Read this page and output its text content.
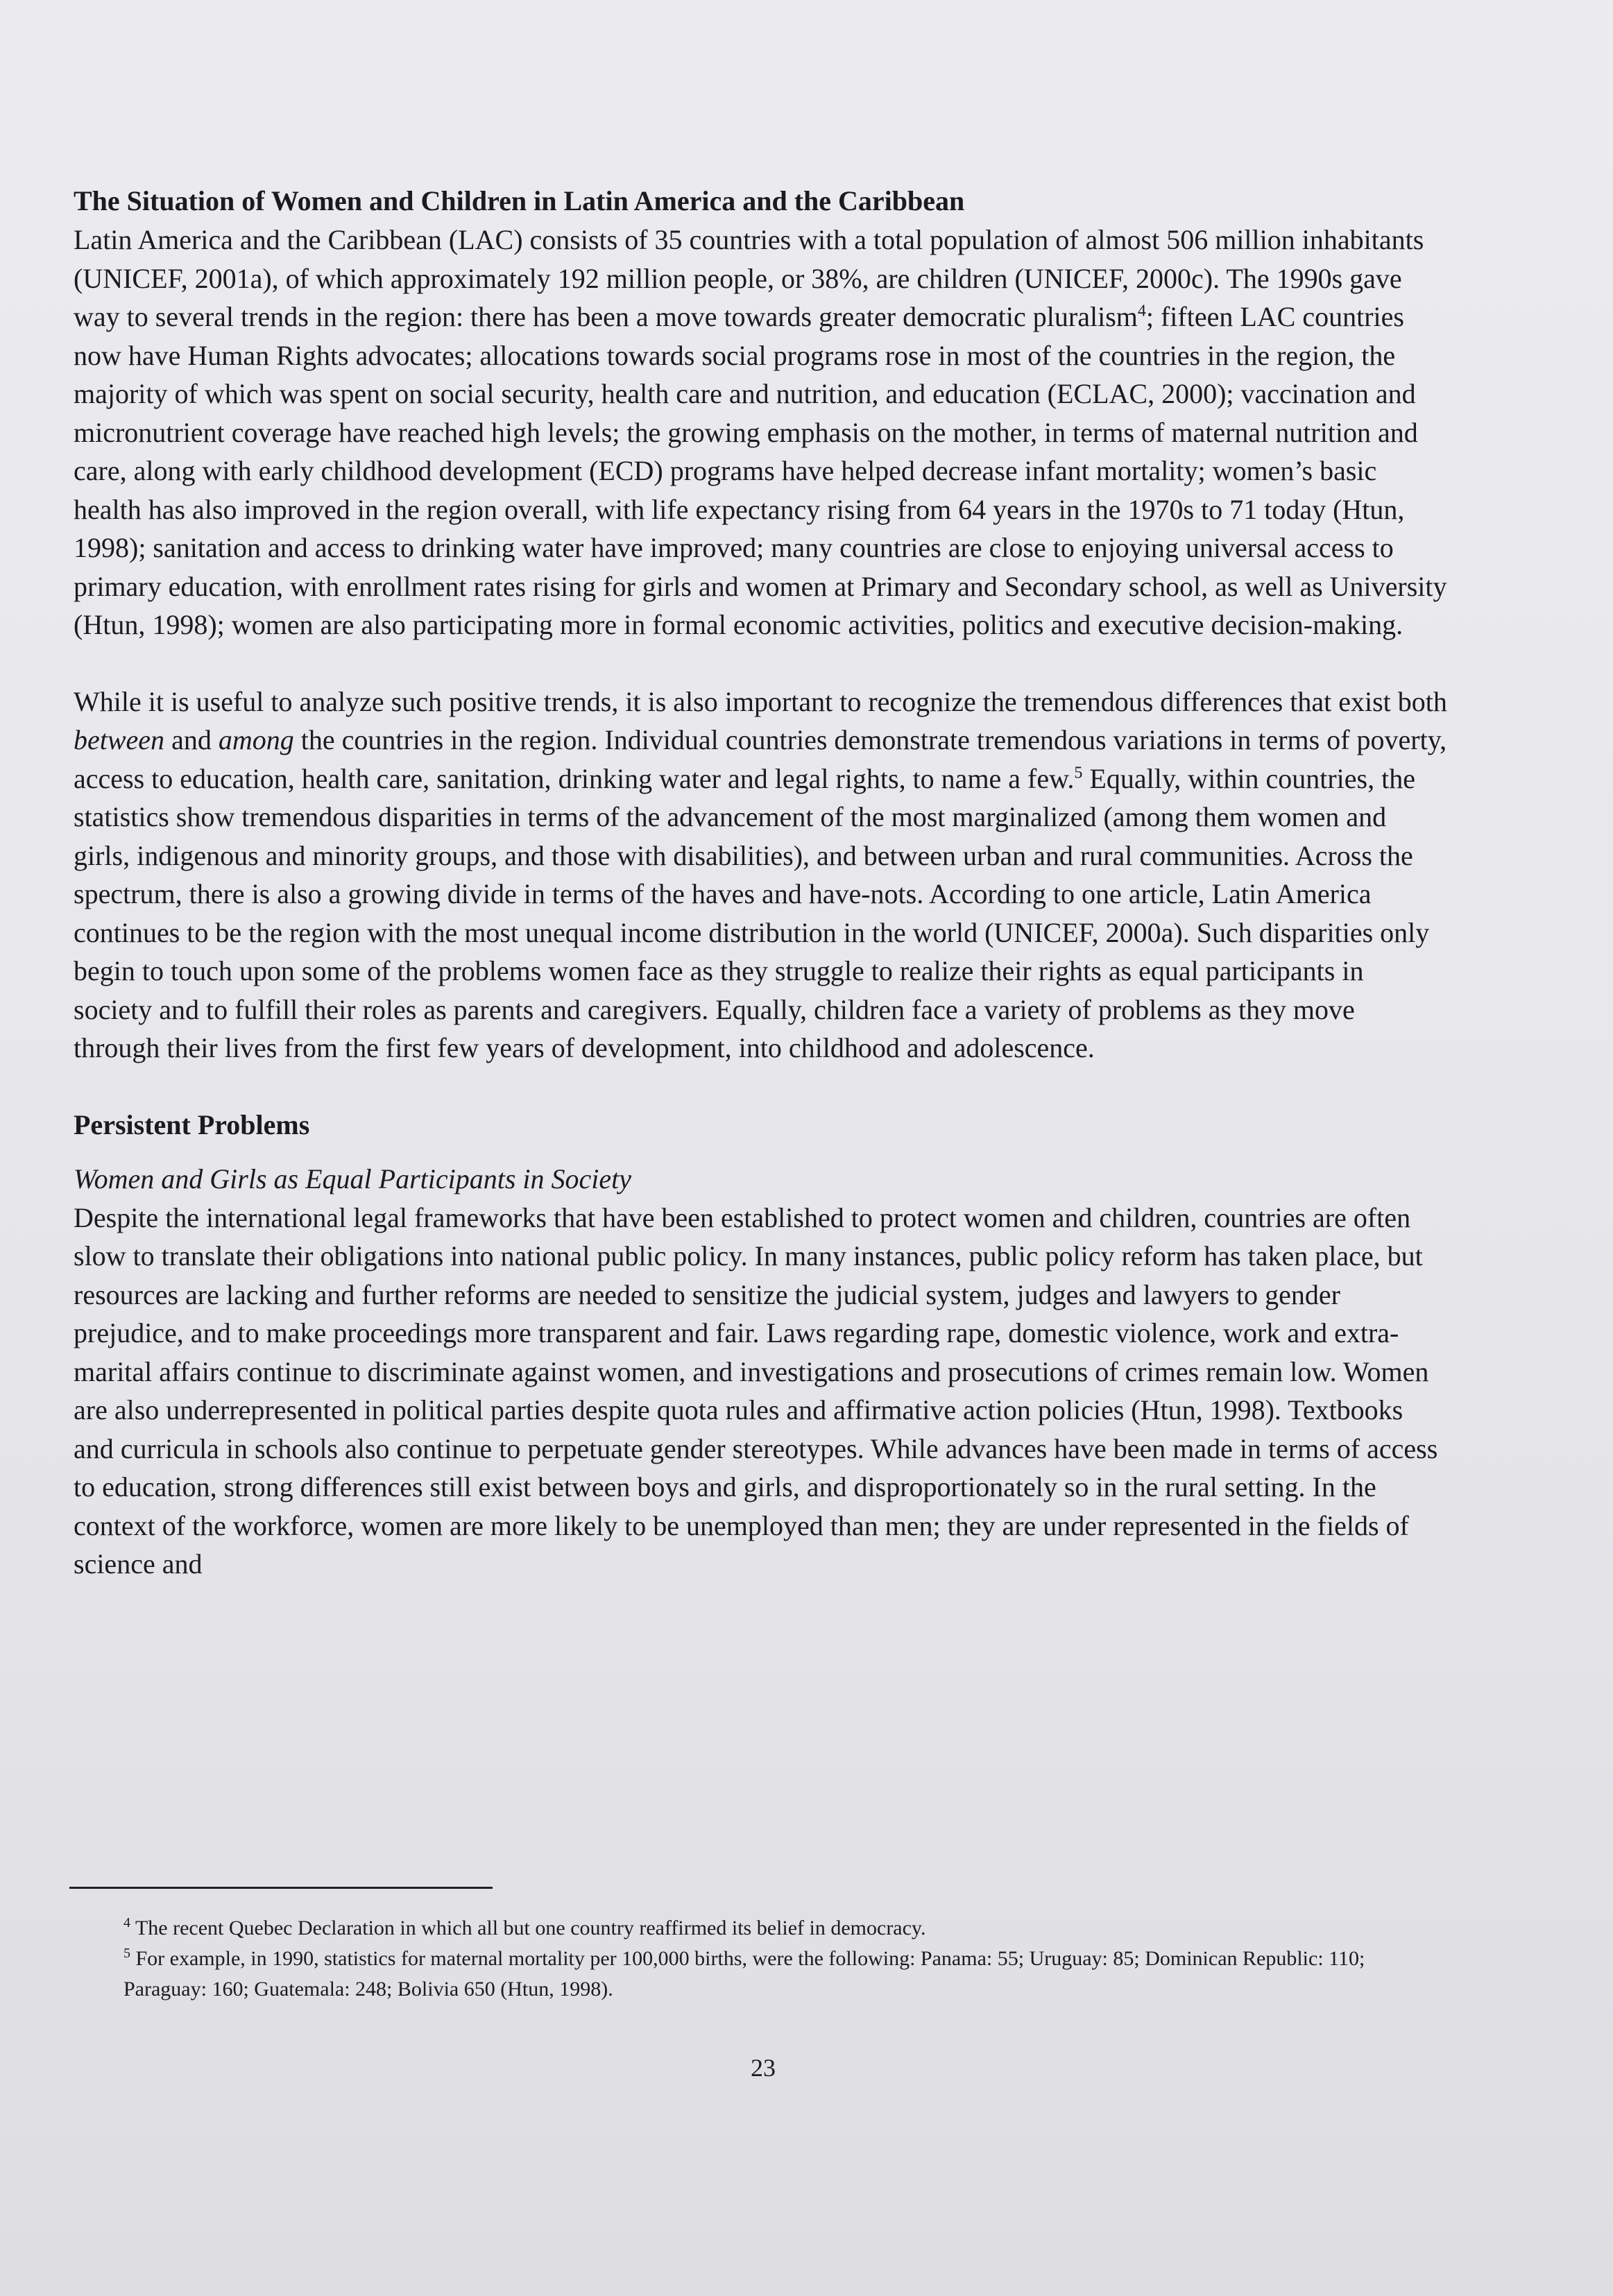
The Situation of Women and Children in Latin America and the Caribbean

Latin America and the Caribbean (LAC) consists of 35 countries with a total population of almost 506 million inhabitants (UNICEF, 2001a), of which approximately 192 million people, or 38%, are children (UNICEF, 2000c). The 1990s gave way to several trends in the region: there has been a move towards greater democratic pluralism$^4$; fifteen LAC countries now have Human Rights advocates; allocations towards social programs rose in most of the countries in the region, the majority of which was spent on social security, health care and nutrition, and education (ECLAC, 2000); vaccination and micronutrient coverage have reached high levels; the growing emphasis on the mother, in terms of maternal nutrition and care, along with early childhood development (ECD) programs have helped decrease infant mortality; women’s basic health has also improved in the region overall, with life expectancy rising from 64 years in the 1970s to 71 today (Htun, 1998); sanitation and access to drinking water have improved; many countries are close to enjoying universal access to primary education, with enrollment rates rising for girls and women at Primary and Secondary school, as well as University (Htun, 1998); women are also participating more in formal economic activities, politics and executive decision-making.

While it is useful to analyze such positive trends, it is also important to recognize the tremendous differences that exist both between and among the countries in the region. Individual countries demonstrate tremendous variations in terms of poverty, access to education, health care, sanitation, drinking water and legal rights, to name a few.$^5$ Equally, within countries, the statistics show tremendous disparities in terms of the advancement of the most marginalized (among them women and girls, indigenous and minority groups, and those with disabilities), and between urban and rural communities. Across the spectrum, there is also a growing divide in terms of the haves and have-nots. According to one article, Latin America continues to be the region with the most unequal income distribution in the world (UNICEF, 2000a). Such disparities only begin to touch upon some of the problems women face as they struggle to realize their rights as equal participants in society and to fulfill their roles as parents and caregivers. Equally, children face a variety of problems as they move through their lives from the first few years of development, into childhood and adolescence.

Persistent Problems
Women and Girls as Equal Participants in Society

Despite the international legal frameworks that have been established to protect women and children, countries are often slow to translate their obligations into national public policy. In many instances, public policy reform has taken place, but resources are lacking and further reforms are needed to sensitize the judicial system, judges and lawyers to gender prejudice, and to make proceedings more transparent and fair. Laws regarding rape, domestic violence, work and extra-marital affairs continue to discriminate against women, and investigations and prosecutions of crimes remain low. Women are also underrepresented in political parties despite quota rules and affirmative action policies (Htun, 1998). Textbooks and curricula in schools also continue to perpetuate gender stereotypes. While advances have been made in terms of access to education, strong differences still exist between boys and girls, and disproportionately so in the rural setting. In the context of the workforce, women are more likely to be unemployed than men; they are under represented in the fields of science and

$^4$ The recent Quebec Declaration in which all but one country reaffirmed its belief in democracy.

$^5$ For example, in 1990, statistics for maternal mortality per 100,000 births, were the following: Panama: 55; Uruguay: 85; Dominican Republic: 110; Paraguay: 160; Guatemala: 248; Bolivia 650 (Htun, 1998).

23
